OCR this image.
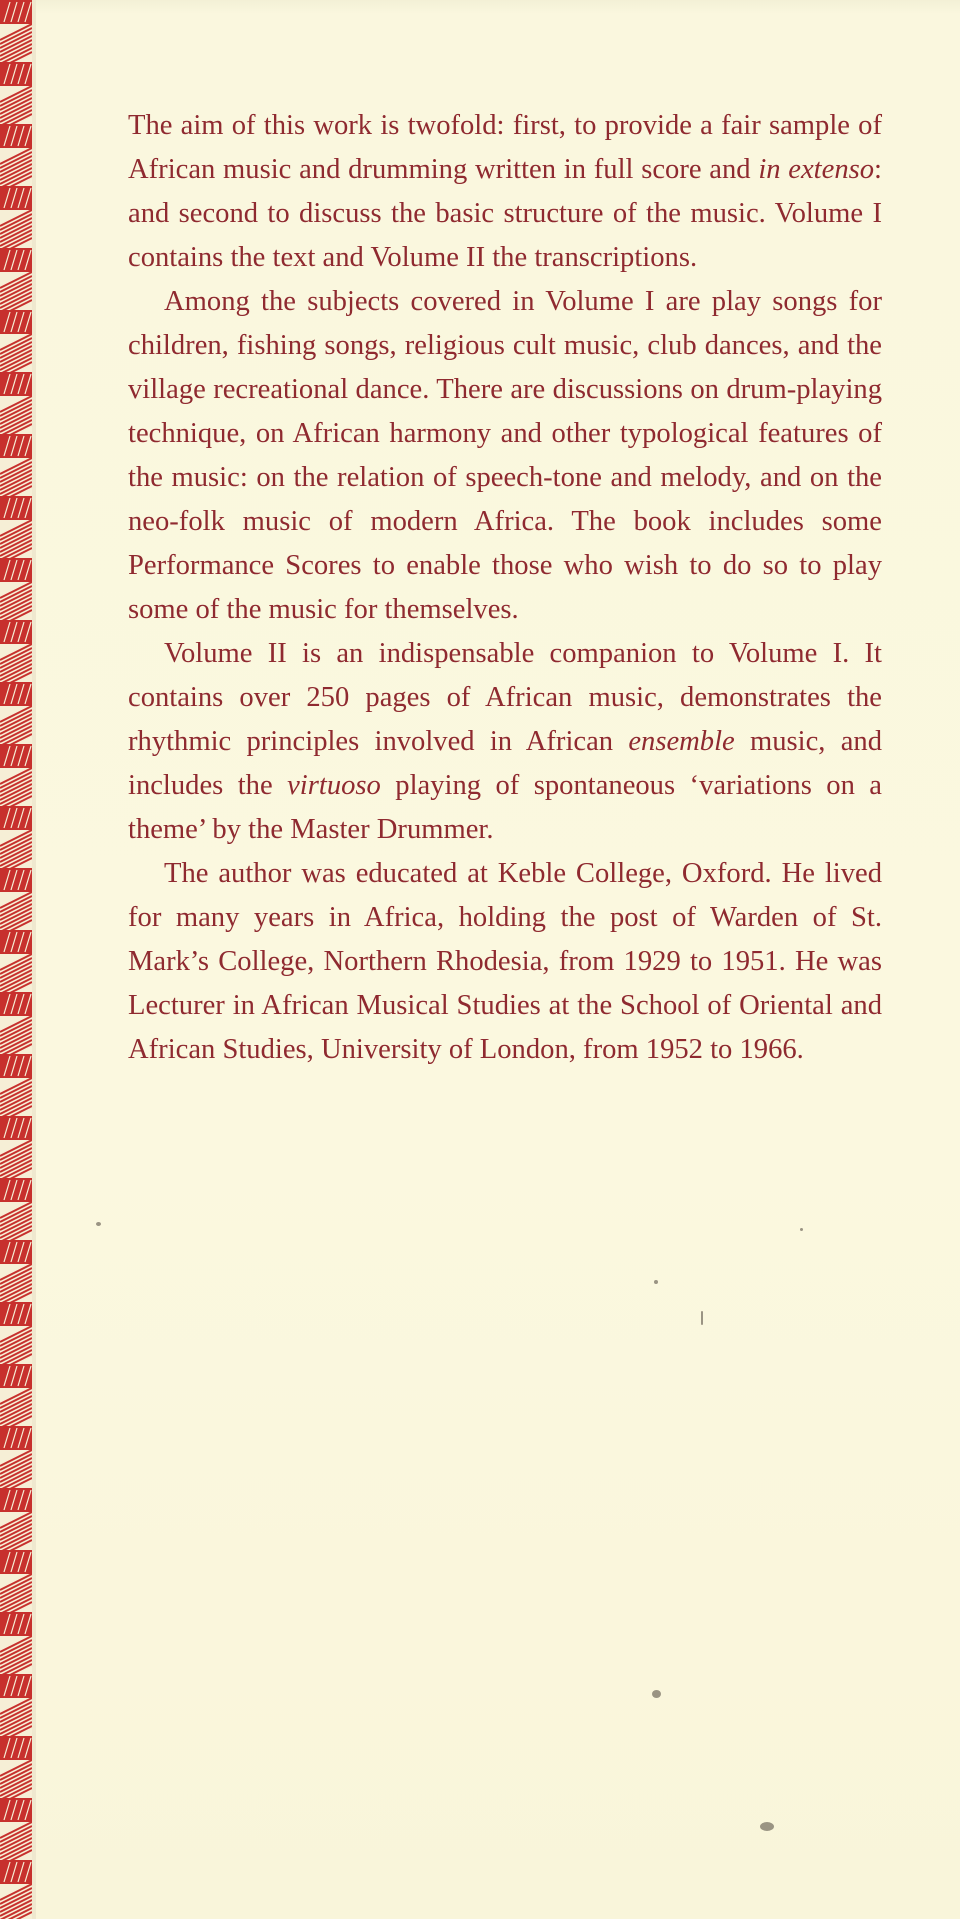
The aim of this work is twofold: first, to provide a fair sample of African music and drumming written in full score and in extenso: and second to discuss the basic structure of the music. Volume I contains the text and Volume II the transcriptions.

Among the subjects covered in Volume I are play songs for children, fishing songs, religious cult music, club dances, and the village recreational dance. There are discussions on drum-playing technique, on African harmony and other typological features of the music: on the relation of speech-tone and melody, and on the neo-folk music of modern Africa. The book includes some Performance Scores to enable those who wish to do so to play some of the music for themselves.

Volume II is an indispensable companion to Volume I. It contains over 250 pages of African music, demonstrates the rhythmic principles involved in African ensemble music, and includes the virtuoso playing of spontaneous ‘variations on a theme’ by the Master Drummer.

The author was educated at Keble College, Oxford. He lived for many years in Africa, holding the post of Warden of St. Mark’s College, Northern Rhodesia, from 1929 to 1951. He was Lecturer in African Musical Studies at the School of Oriental and African Studies, University of London, from 1952 to 1966.
